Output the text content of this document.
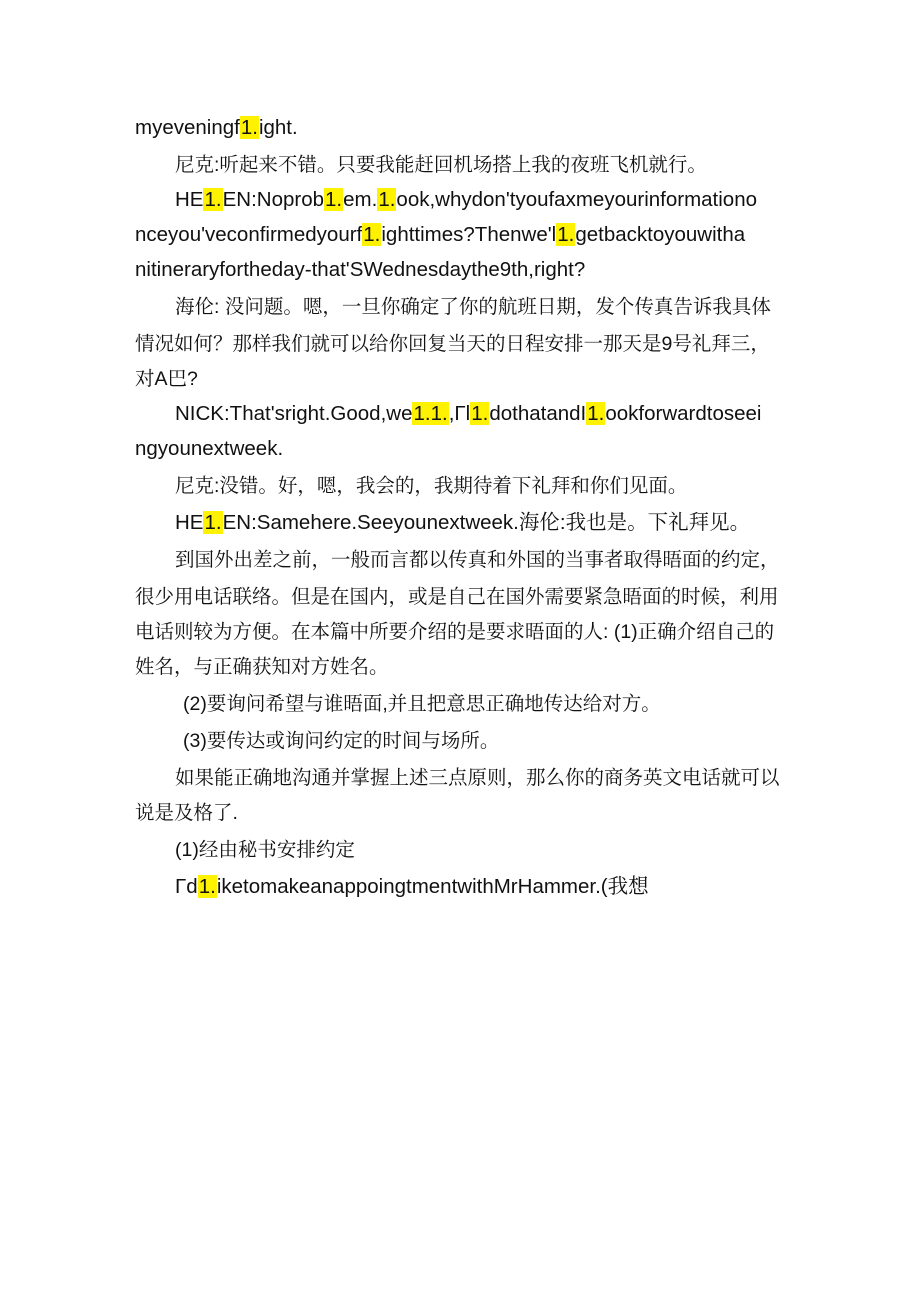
myeveningf1.ight.
尼克:听起来不错。只要我能赶回机场搭上我的夜班飞机就行。
HE1.EN:Noprob1.em.1.ook,whydon'tyoufaxmeyourinformationo
nceyou'veconfirmedyourf1.ighttimes?Thenwe'l1.getbacktoyouwitha
nitineraryfortheday-that'SWednesdaythe9th,right?
海伦: 没问题。嗯，一旦你确定了你的航班日期，发个传真告诉我具体
情况如何？那样我们就可以给你回复当天的日程安排一那天是9号礼拜三，
对A巴?
NICK:That'sright.Good,we1.1.,Γl1.dothatandI1.ookforwardtoseei
ngyounextweek.
尼克:没错。好，嗯，我会的，我期待着下礼拜和你们见面。
HE1.EN:Samehere.Seeyounextweek.海伦:我也是。下礼拜见。
到国外出差之前，一般而言都以传真和外国的当事者取得晤面的约定，
很少用电话联络。但是在国内，或是自己在国外需要紧急晤面的时候，利用
电话则较为方便。在本篇中所要介绍的是要求晤面的人: (1)正确介绍自己的
姓名，与正确获知对方姓名。
(2)要询问希望与谁晤面,并且把意思正确地传达给对方。
(3)要传达或询问约定的时间与场所。
如果能正确地沟通并掌握上述三点原则，那么你的商务英文电话就可以
说是及格了.
(1)经由秘书安排约定
Γd1.iketomakeanappoingtmentwithMrHammer.(我想
